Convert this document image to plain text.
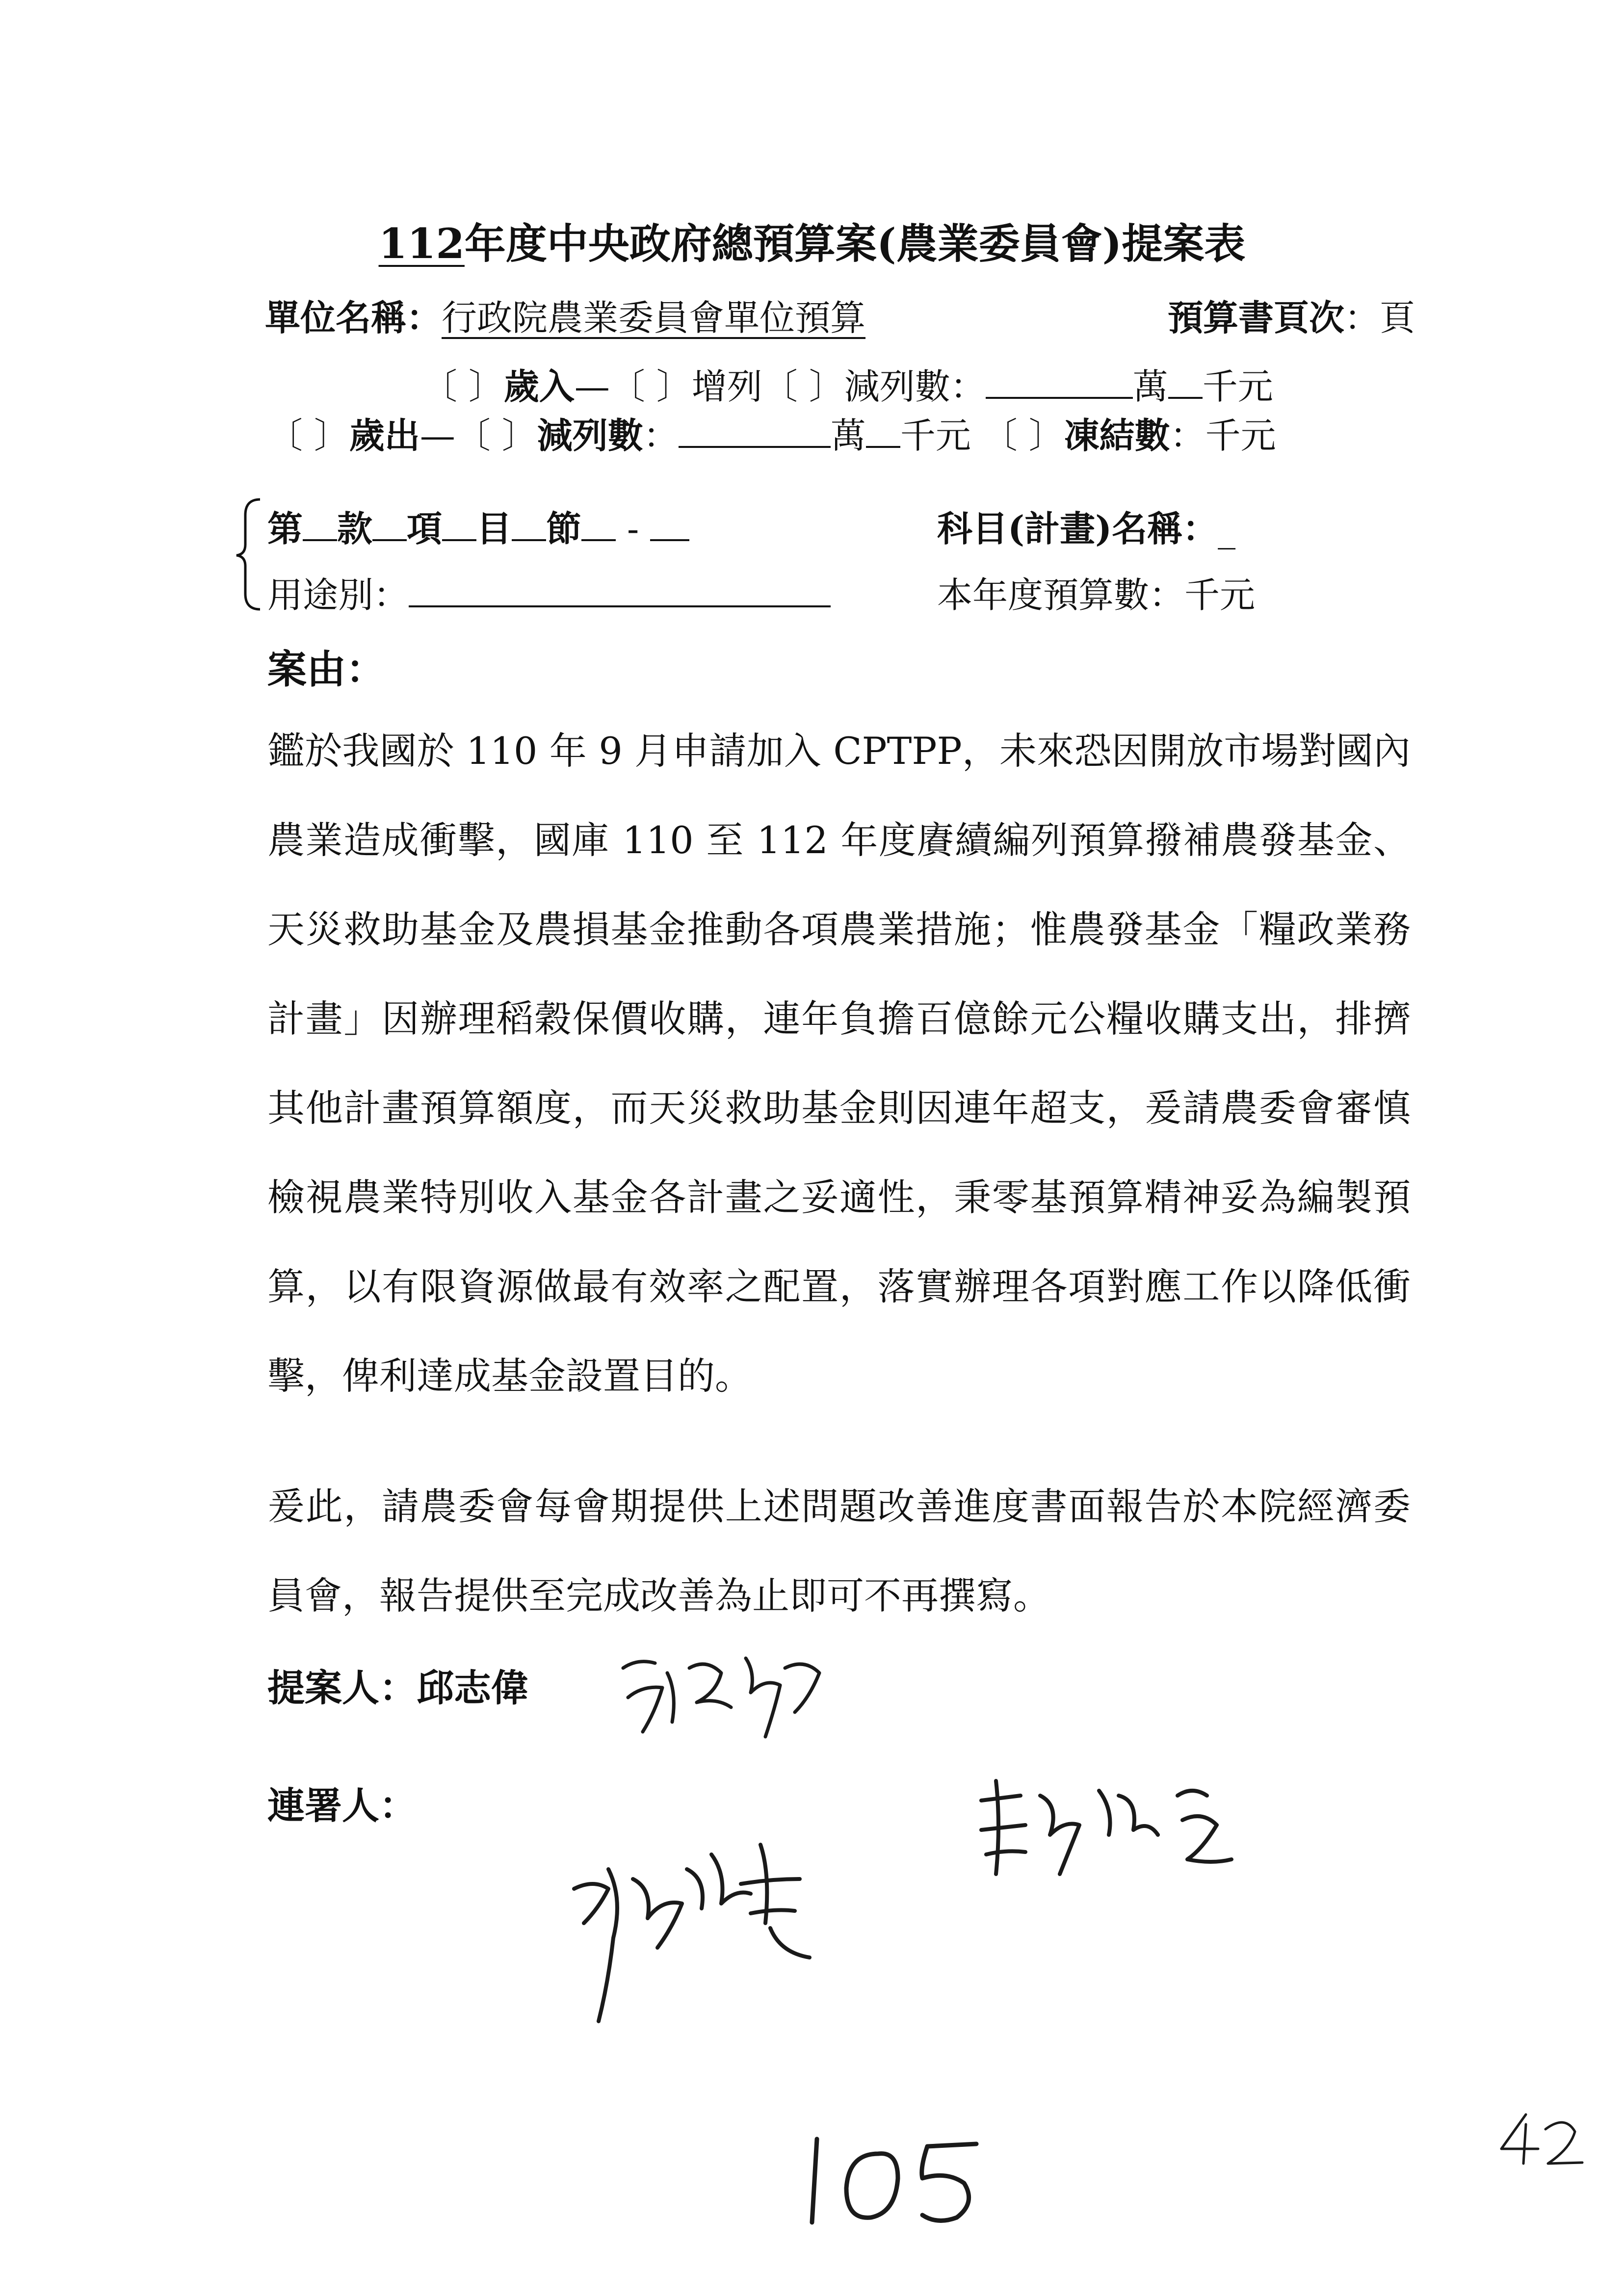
112年度中央政府總預算案(農業委員會)提案表
單位名稱：行政院農業委員會單位預算	預算書頁次：頁
〔 〕歲入—〔 〕增列〔 〕減列數：	萬 千元
〔 〕歲出—〔 〕減列數：	萬 千元 〔 〕凍結數：千元
第 款 項 目 節 -	科目(計畫)名稱：_
用途別：	本年度預算數：千元
案由：
鑑於我國於 110 年 9 月申請加入 CPTPP，未來恐因開放市場對國內農業造成衝擊，國庫 110 至 112 年度賡續編列預算撥補農發基金、天災救助基金及農損基金推動各項農業措施；惟農發基金「糧政業務計畫」因辦理稻穀保價收購，連年負擔百億餘元公糧收購支出，排擠其他計畫預算額度，而天災救助基金則因連年超支，爰請農委會審慎檢視農業特別收入基金各計畫之妥適性，秉零基預算精神妥為編製預算，以有限資源做最有效率之配置，落實辦理各項對應工作以降低衝擊，俾利達成基金設置目的。
爰此，請農委會每會期提供上述問題改善進度書面報告於本院經濟委員會，報告提供至完成改善為止即可不再撰寫。
提案人：邱志偉
連署人：
